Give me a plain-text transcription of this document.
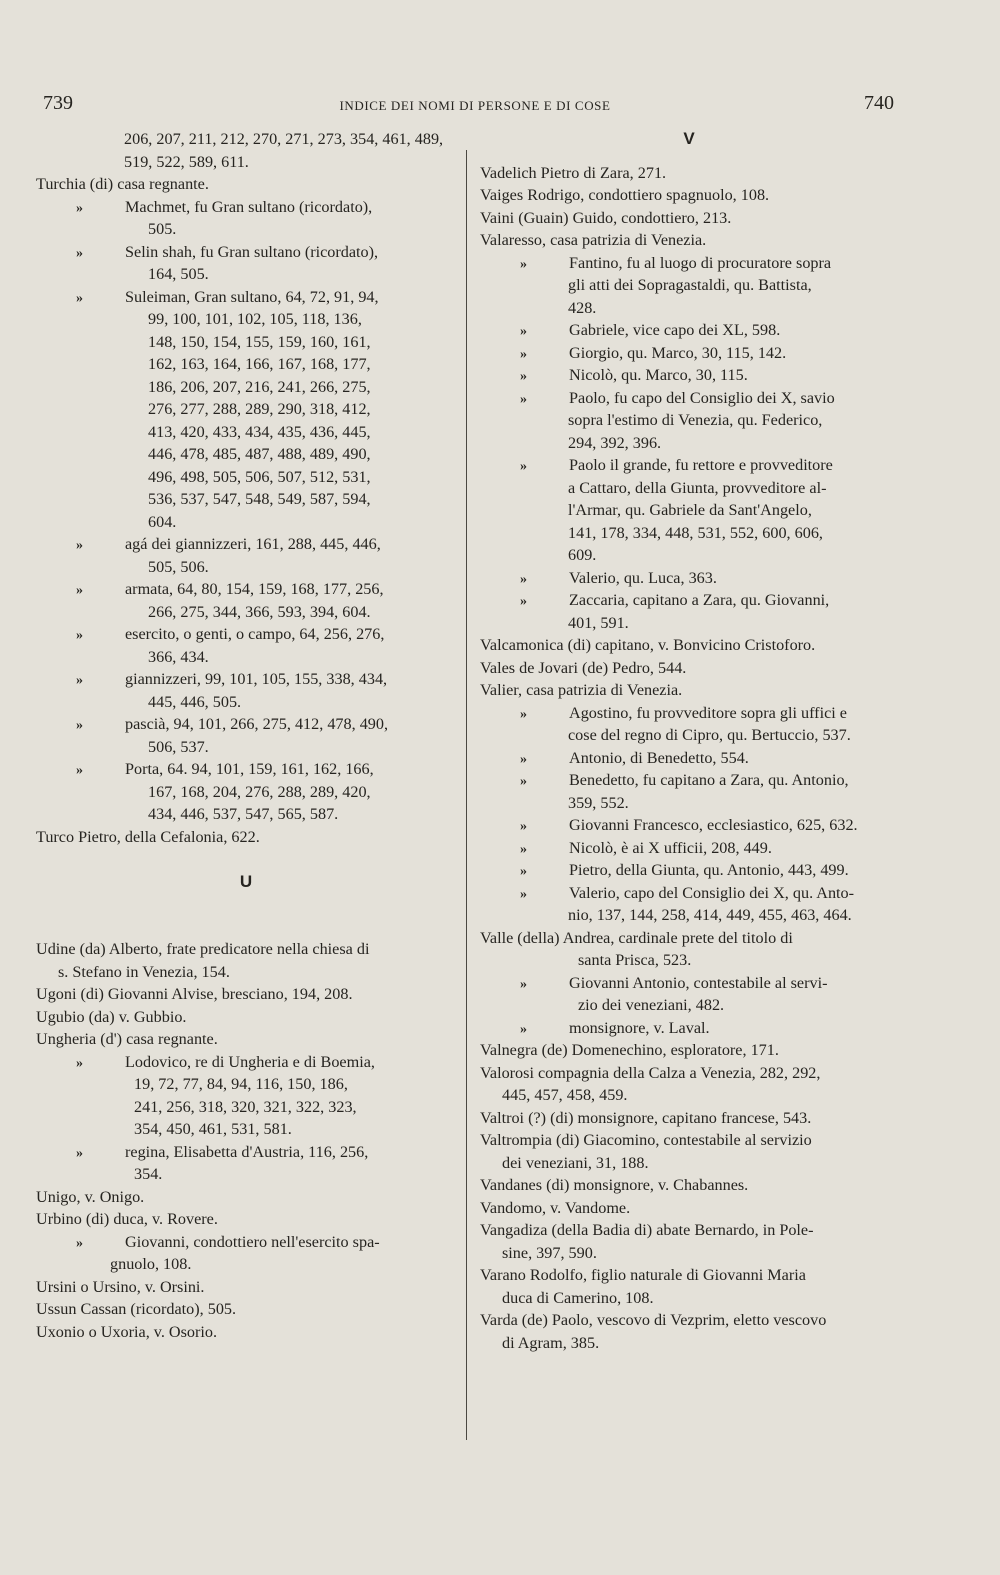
739	INDICE DEI NOMI DI PERSONE E DI COSE	740
206, 207, 211, 212, 270, 271, 273, 354, 461, 489,
519, 522, 589, 611.
Turchia (di) casa regnante.
»	Machmet, fu Gran sultano (ricordato),
505.
»	Selin shah, fu Gran sultano (ricordato),
164, 505.
»	Suleiman, Gran sultano, 64, 72, 91, 94,
99, 100, 101, 102, 105, 118, 136,
148, 150, 154, 155, 159, 160, 161,
162, 163, 164, 166, 167, 168, 177,
186, 206, 207, 216, 241, 266, 275,
276, 277, 288, 289, 290, 318, 412,
413, 420, 433, 434, 435, 436, 445,
446, 478, 485, 487, 488, 489, 490,
496, 498, 505, 506, 507, 512, 531,
536, 537, 547, 548, 549, 587, 594,
604.
»	agá dei giannizzeri, 161, 288, 445, 446,
505, 506.
»	armata, 64, 80, 154, 159, 168, 177, 256,
266, 275, 344, 366, 593, 394, 604.
»	esercito, o genti, o campo, 64, 256, 276,
366, 434.
»	giannizzeri, 99, 101, 105, 155, 338, 434,
445, 446, 505.
»	pascià, 94, 101, 266, 275, 412, 478, 490,
506, 537.
»	Porta, 64. 94, 101, 159, 161, 162, 166,
167, 168, 204, 276, 288, 289, 420,
434, 446, 537, 547, 565, 587.
Turco Pietro, della Cefalonia, 622.
U
Udine (da) Alberto, frate predicatore nella chiesa di
s. Stefano in Venezia, 154.
Ugoni (di) Giovanni Alvise, bresciano, 194, 208.
Ugubio (da) v. Gubbio.
Ungheria (d') casa regnante.
»	Lodovico, re di Ungheria e di Boemia,
19, 72, 77, 84, 94, 116, 150, 186,
241, 256, 318, 320, 321, 322, 323,
354, 450, 461, 531, 581.
»	regina, Elisabetta d'Austria, 116, 256,
354.
Unigo, v. Onigo.
Urbino (di) duca, v. Rovere.
»	Giovanni, condottiero nell'esercito spa-
gnuolo, 108.
Ursini o Ursino, v. Orsini.
Ussun Cassan (ricordato), 505.
Uxonio o Uxoria, v. Osorio.
V
Vadelich Pietro di Zara, 271.
Vaiges Rodrigo, condottiero spagnuolo, 108.
Vaini (Guain) Guido, condottiero, 213.
Valaresso, casa patrizia di Venezia.
»	Fantino, fu al luogo di procuratore sopra
gli atti dei Sopragastaldi, qu. Battista,
428.
»	Gabriele, vice capo dei XL, 598.
»	Giorgio, qu. Marco, 30, 115, 142.
»	Nicolò, qu. Marco, 30, 115.
»	Paolo, fu capo del Consiglio dei X, savio
sopra l'estimo di Venezia, qu. Federico,
294, 392, 396.
»	Paolo il grande, fu rettore e provveditore
a Cattaro, della Giunta, provveditore al-
l'Armar, qu. Gabriele da Sant'Angelo,
141, 178, 334, 448, 531, 552, 600, 606,
609.
»	Valerio, qu. Luca, 363.
»	Zaccaria, capitano a Zara, qu. Giovanni,
401, 591.
Valcamonica (di) capitano, v. Bonvicino Cristoforo.
Vales de Jovari (de) Pedro, 544.
Valier, casa patrizia di Venezia.
»	Agostino, fu provveditore sopra gli uffici e
cose del regno di Cipro, qu. Bertuccio, 537.
»	Antonio, di Benedetto, 554.
»	Benedetto, fu capitano a Zara, qu. Antonio,
359, 552.
»	Giovanni Francesco, ecclesiastico, 625, 632.
»	Nicolò, è ai X ufficii, 208, 449.
»	Pietro, della Giunta, qu. Antonio, 443, 499.
»	Valerio, capo del Consiglio dei X, qu. Anto-
nio, 137, 144, 258, 414, 449, 455, 463, 464.
Valle (della) Andrea, cardinale prete del titolo di
santa Prisca, 523.
»	Giovanni Antonio, contestabile al servi-
zio dei veneziani, 482.
»	monsignore, v. Laval.
Valnegra (de) Domenechino, esploratore, 171.
Valorosi compagnia della Calza a Venezia, 282, 292,
445, 457, 458, 459.
Valtroi (?) (di) monsignore, capitano francese, 543.
Valtrompia (di) Giacomino, contestabile al servizio
dei veneziani, 31, 188.
Vandanes (di) monsignore, v. Chabannes.
Vandomo, v. Vandome.
Vangadiza (della Badia di) abate Bernardo, in Pole-
sine, 397, 590.
Varano Rodolfo, figlio naturale di Giovanni Maria
duca di Camerino, 108.
Varda (de) Paolo, vescovo di Vezprim, eletto vescovo
di Agram, 385.
